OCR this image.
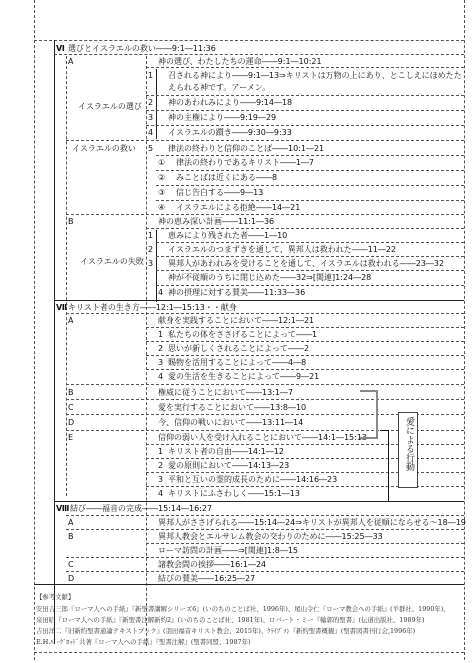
Ⅵ 選びとイスラエルの救い――9:1―11:36
A	神の選び、わたしたちの運命――9:1―10:21
イスラエルの選び
1 召される神により――9:1―13⇒キリストは万物の上にあり、とこしえにほめたた
えられる神です。アーメン。
2 神のあわれみにより――9:14―18
3 神の主権により――9:19―29
4 イスラエルの躓き――9:30―9:33
イスラエルの救い 5 律法の終わりと信仰のことば――10:1―21
① 律法の終わりであるキリスト――1―7
② みことばは近くにある――8
③ 信じ告白する――9―13
④ イスラエルによる拒絶――14―21
B	神の恵み深い計画――11:1―36
イスラエルの失敗
1 恵みにより残された者――1―10
2 イスラエルのつまずきを通して、異邦人は救われた――11―22
3 異邦人があわれみを受けることを通して、イスラエルは救われる――23―32
神が不従順のうちに閉じ込めた――32⇒[関連]1:24―28
4 神の摂理に対する賛美――11:33―36
Ⅶ キリスト者の生き方――12:1―15:13・・献身
A	献身を実践することにおいて――12:1―21
1 私たちの体をささげることによって――1
2 思いが新しくされることによって――2
3 賜物を活用することによって――4―8
4 愛の生活を生きることによって――9―21
B	権威に従うことにおいて――13:1―7
C	愛を実行することにおいて――13:8―10
D	今、信仰の戦いにおいて――13:11―14
E	信仰の弱い人を受け入れることにおいて――14:1―15:13
1 キリスト者の自由――14:1―12
2 愛の原則において――14:13―23
3 平和と互いの霊的成長のために――14:16―23
4 キリストにふさわしく――15:1―13
愛による行動
Ⅷ 結び――福音の完成――15:14―16:27
A	異邦人がささげられる――15:14―24⇒キリストが異邦人を従順にならせる～18―19
B	異邦人教会とエルサレム教会の交わりのために――15:25―33
ローマ訪問の計画――⇒[関連]1:8―15
C	諸教会間の挨拶――16:1―24
D	結びの賛美――16:25―27
【参考文献】
安田吉三郎『ローマ人への手紙』『新聖書講解シリーズ6』(いのちのことば社、1996年)、尾山令仁『ローマ教会への手紙』(羊群社、1990年)、
泉田昭『ローマ人への手紙』『新聖書注解新約2』(いのちのことば社、1981年)、ロバート・ミー『輪郭的聖書』(伝道出版社、1989年)
吉田洋二『旧新約聖書通論テキストブック』(羽田福音キリスト教会、2015年)、ｸﾗｲﾌﾞｿﾝ『新約聖書概観』(聖書図書刊行会,1996年)
E.H.ﾊﾟｰｸﾞﾛｯﾄﾞ共著『ローマ人への手紙』『聖書注解』(聖書同盟、1987年)
